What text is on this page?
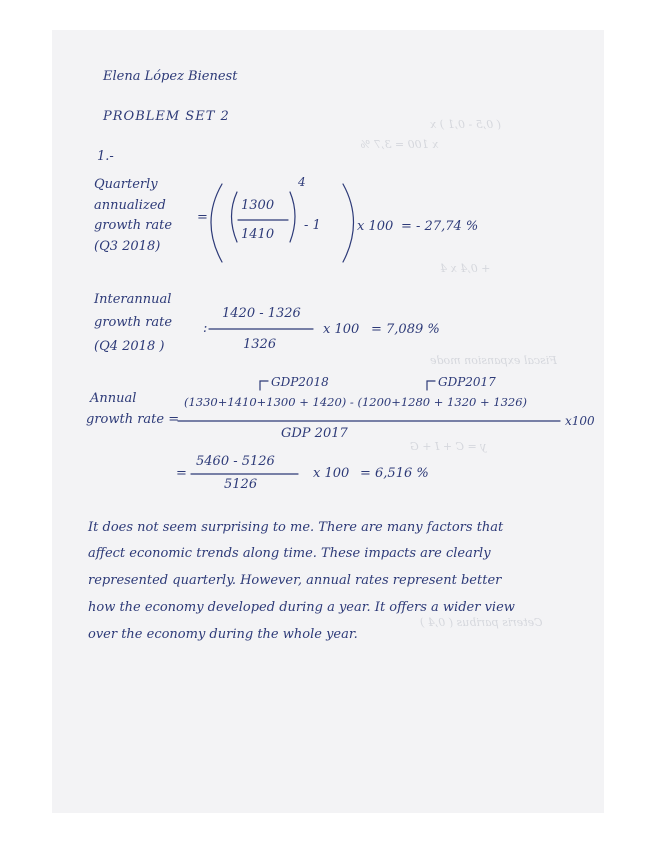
( 0,5 - 0,1 ) x
x 100 = 3,7 %
+ 0,4 x 4
Fiscal expansion mode
y = C + I + G
Ceteris paribus ( 0,4 )
Elena López Bienest
PROBLEM SET 2
1.-
Quarterly
annualized
growth rate
(Q3 2018)
=
1300
1410
4
- 1	x 100 = - 27,74 %
Interannual
growth rate
(Q4 2018 )
:
1420 - 1326
1326
x 100 = 7,089 %
GDP2018	GDP2017
Annual
growth rate =
(1330+1410+1300 + 1420) - (1200+1280 + 1320 + 1326)
x100
GDP 2017
=
5460 - 5126
5126
x 100 = 6,516 %
It does not seem surprising to me. There are many factors that
affect economic trends along time. These impacts are clearly
represented quarterly. However, annual rates represent better
how the economy developed during a year. It offers a wider view
over the economy during the whole year.
